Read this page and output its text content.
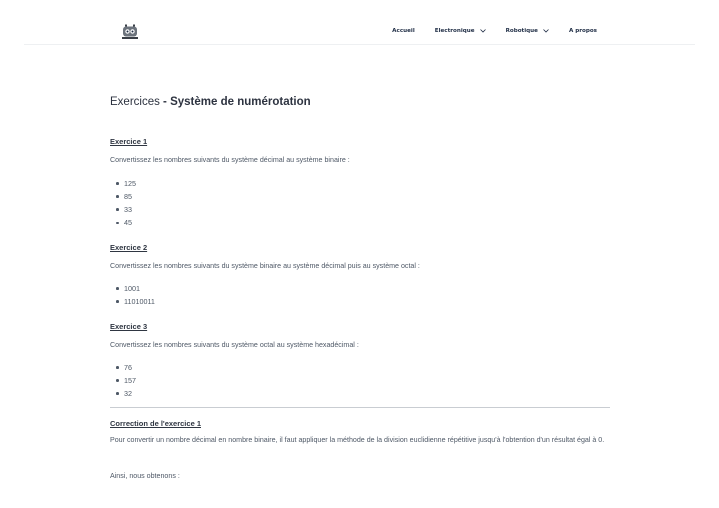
Accueil	Electronique	Robotique	A propos
Exercices - Système de numérotation
Exercice 1

Convertissez les nombres suivants du système décimal au système binaire :

125
85
33
45
Exercice 2

Convertissez les nombres suivants du système binaire au système décimal puis au système octal :

1001
11010011
Exercice 3

Convertissez les nombres suivants du système octal au système hexadécimal :

76
157
32
Correction de l'exercice 1

Pour convertir un nombre décimal en nombre binaire, il faut appliquer la méthode de la division euclidienne répétitive jusqu'à l'obtention d'un résultat égal à 0.

Ainsi, nous obtenons :
